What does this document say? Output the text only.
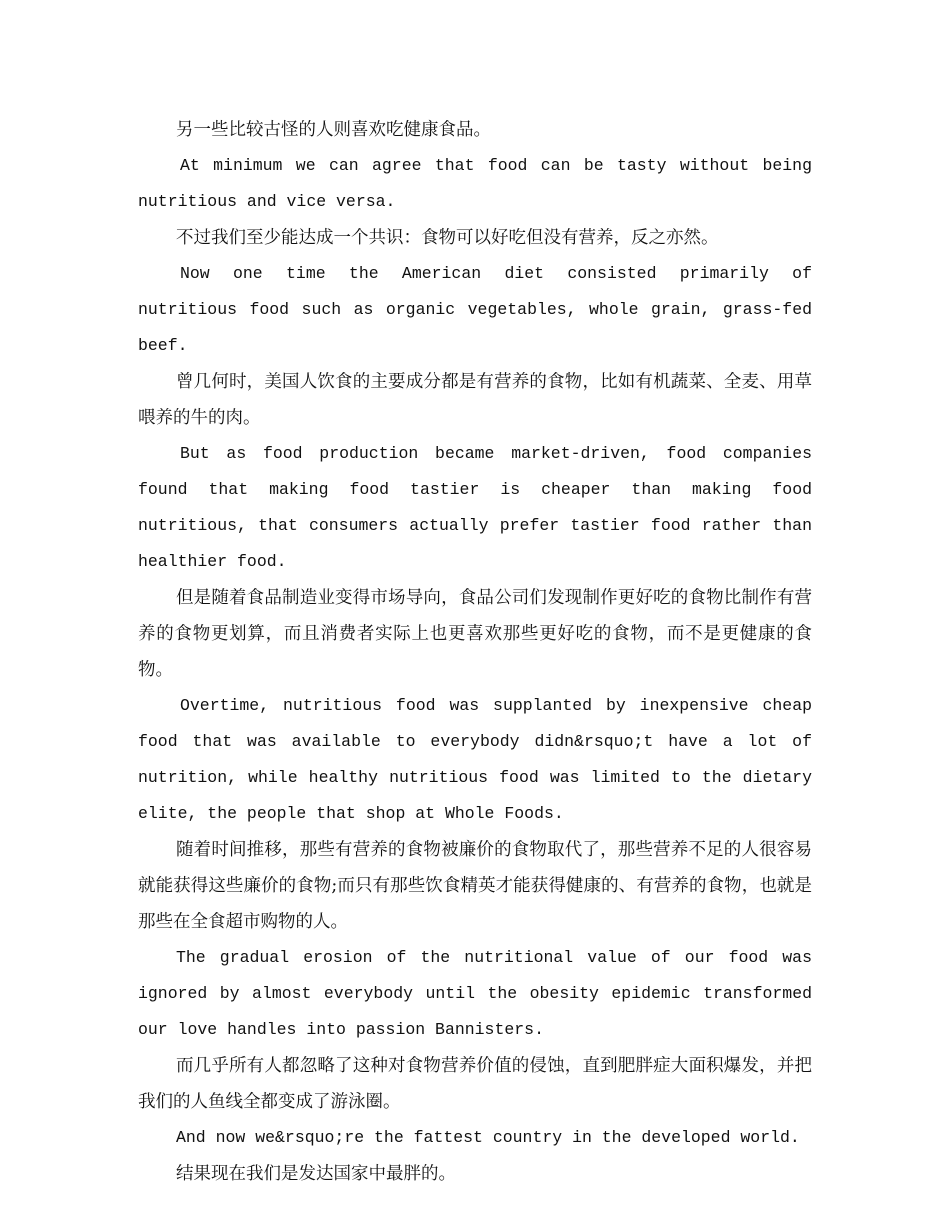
另一些比较古怪的人则喜欢吃健康食品。

At minimum we can agree that food can be tasty without being nutritious and vice versa.

不过我们至少能达成一个共识：食物可以好吃但没有营养，反之亦然。

Now one time the American diet consisted primarily of nutritious food such as organic vegetables, whole grain, grass-fed beef.

曾几何时，美国人饮食的主要成分都是有营养的食物，比如有机蔬菜、全麦、用草喂养的牛的肉。

But as food production became market-driven, food companies found that making food tastier is cheaper than making food nutritious, that consumers actually prefer tastier food rather than healthier food.

但是随着食品制造业变得市场导向，食品公司们发现制作更好吃的食物比制作有营养的食物更划算，而且消费者实际上也更喜欢那些更好吃的食物，而不是更健康的食物。

Overtime, nutritious food was supplanted by inexpensive cheap food that was available to everybody didn&rsquo;t have a lot of nutrition, while healthy nutritious food was limited to the dietary elite, the people that shop at Whole Foods.

随着时间推移，那些有营养的食物被廉价的食物取代了，那些营养不足的人很容易就能获得这些廉价的食物;而只有那些饮食精英才能获得健康的、有营养的食物，也就是那些在全食超市购物的人。

The gradual erosion of the nutritional value of our food was ignored by almost everybody until the obesity epidemic transformed our love handles into passion Bannisters.

而几乎所有人都忽略了这种对食物营养价值的侵蚀，直到肥胖症大面积爆发，并把我们的人鱼线全都变成了游泳圈。

And now we&rsquo;re the fattest country in the developed world.

结果现在我们是发达国家中最胖的。
